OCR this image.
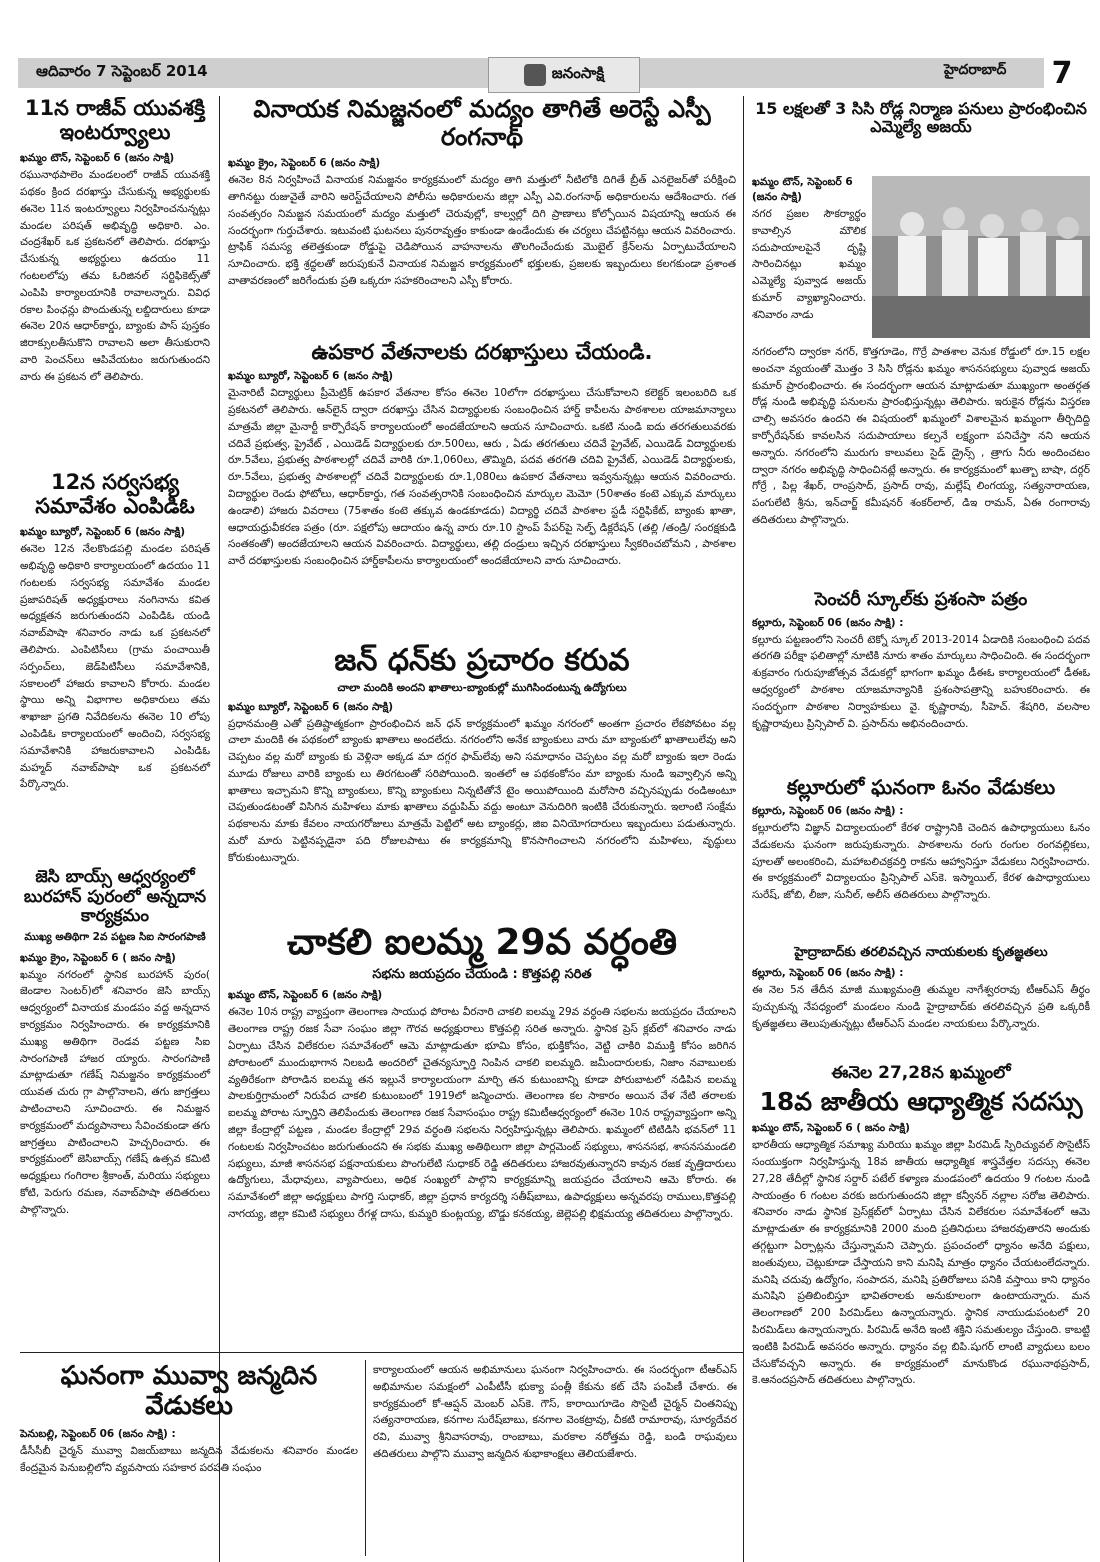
ఆదివారం 7 సెప్టెంబర్ 2014	జనంసాక్షి	హైదరాబాద్ 7
11న రాజీవ్ యువశక్తి ఇంటర్వ్యూలు
ఖమ్మం టౌన్, సెప్టెంబర్ 6 (జనం సాక్షి)
రఘునాథపాలెం మండలంలో రాజీవ్ యువశక్తి పథకం క్రింద దరఖాస్తు చేసుకున్న అభ్యర్థులకు ఈనెల 11న ఇంటర్వ్యూలు నిర్వహించనున్నట్లు మండల పరిషత్ అభివృద్ధి అధికారి. ఎం. చంద్రశేఖర్ ఒక ప్రకటనలో తెలిపారు. దరఖాస్తు చేసుకున్న అభ్యర్థులు ఉదయం 11 గంటలలోపు తమ ఓరిజినల్ సర్టిఫికెట్స్‌తో ఎంపిపి కార్యాలయానికి రావాలన్నారు. వివిధ రకాల పింఛన్లు పొందుతున్న లబ్దిదారులు కూడా ఈనెల 20న ఆధార్‌కార్డు, బ్యాంకు పాస్ పుస్తకం జిరాక్సులతీసుకొని రావాలని అలా తీసుకురాని వారి పెంచన్‌లు ఆపివేయటం జరుగుతుందని వారు ఈ ప్రకటన లో తెలిపారు.
12న సర్వసభ్య సమావేశం ఎంపిడిఓ
ఖమ్మం బ్యూరో, సెప్టెంబర్ 6 (జనం సాక్షి)
ఈనెల 12న నేలకొండపల్లి మండల పరిషత్ అభివృద్ధి అధికారి కార్యాలయంలో ఉదయం 11 గంటలకు సర్వసభ్య సమావేశం మండల ప్రజాపరిషత్ అధ్యక్షురాలు నంగినాను కవిత అధ్యక్షతన జరుగుతుందని ఎంపిడిఓ యండి నవాబ్‌పాషా శనివారం నాడు ఒక ప్రకటనలో తెలిపారు. ఎంపిటిసీలు (గ్రామ పంచాయితీ సర్పంచ్‌లు, జెడ్‌పిటిసీలు సమావేశానికి, సకాలంలో హాజరు కావాలని కోరారు. మండల స్థాయి అన్ని విభాగాల అధికారులు తమ శాఖాజా ప్రగతి నివేదికలను ఈనెల 10 లోపు ఎంపిడిఓ కార్యాలయంలో అందించి, సర్వసభ్య సమావేశానికి హాజరుకావాలని ఎంపిడిఓ మహ్మద్ నవాబ్‌పాషా ఒక ప్రకటనలో పేర్కొన్నారు.
జెసి బాయ్స్ ఆధ్వర్యంలో బురహాన్ పురంలో అన్నదాన కార్యక్రమం
ముఖ్య అతిథిగా 2వ పట్టణ సిఐ సారంగపాణి
ఖమ్మం క్రైం, సెప్టెంబర్ 6 ( జనం సాక్షి)
ఖమ్మం నగరంలో స్థానిక బురహాన్ పురం( జెండాల సెంటర్)లో శనివారం జెసి బాయ్స్ ఆధ్వర్యంలో వినాయక మండపం వద్ద అన్నదాన కార్యక్రమం నిర్వహించారు. ఈ కార్యక్రమానికి ముఖ్య అతిథిగా రెండవ పట్టణ సిఐ సారంగపాణి హాజర య్యారు. సారంగపాణి మాట్లాడుతూ గణేష్ నిమజ్జనం కార్యక్రమంలో యువత చురు గ్గా పాల్గొనాలని, తగు జాగ్రత్తలు పాటించాలని సూచించారు. ఈ నిమజ్జన కార్యక్రమంలో మద్యపానాలు సేవించకుండా తగు జాగ్రత్తలు పాటించాలని హెచ్చరించారు. ఈ కార్యక్రమంలో జెసిబాయ్స్ గణేష్ ఉత్సవ కమిటి అధ్యక్షులు గంగిరాల శ్రీకాంత్, మరియు సభ్యులు కోటి, పెరుగు రమణ, నవాబ్‌పాషా తదితరులు పాల్గొన్నారు.
వినాయక నిమజ్జనంలో మద్యం తాగితే అరెస్టే ఎస్పీ రంగనాథ్
ఖమ్మం క్రైం, సెప్టెంబర్ 6 (జనం సాక్షి)
ఈనెల 8న నిర్వహించే వినాయక నిమజ్జనం కార్యక్రమంలో మద్యం తాగి మత్తులో నీటిలోకి దిగితే బ్రీత్ ఎనలైజర్‌తో పరీక్షించి తాగినట్టు రుజువైతే వారిని అరెస్ట్‌చేయాలని పోలీసు అధికారులను జిల్లా ఎస్పీ ఎవి.రంగనాథ్ అధికారులను ఆదేశించారు. గత సంవత్సరం నిమజ్జన సమయంలో మద్యం మత్తులో చెరువుల్లో, కాల్వల్లో దిగి ప్రాణాలు కోల్పోయిన విషయాన్ని ఆయన ఈ సందర్భంగా గుర్తుచేశారు. ఇటువంటి ఘటనలు పునరావృత్తం కాకుండా ఉండేందుకు ఈ చర్యలు చేపట్టినట్లు ఆయన వివరించారు. ట్రాఫిక్ సమస్య తలెత్తకుండా రోడ్డుపై చెడిపోయిన వాహనాలను తొలగించేందుకు మొబైల్ క్రేన్‌లను ఏర్పాటుచేయాలని సూచించారు. భక్తి శ్రద్ధలతో జరుపుకునే వినాయక నిమజ్జన కార్యక్రమంలో భక్తులకు, ప్రజలకు ఇబ్బందులు కలగకుండా ప్రశాంత వాతావరణంలో జరిగేందుకు ప్రతి ఒక్కరూ సహకరించాలని ఎస్పీ కోరారు.
ఉపకార వేతనాలకు దరఖాస్తులు చేయండి.
ఖమ్మం బ్యూరో, సెప్టెంబర్ 6 (జనం సాక్షి)
మైనారిటీ విద్యార్థులు ప్రీమెట్రిక్ ఉపకార వేతనాల కోసం ఈనెల 10లోగా దరఖాస్తులు చేసుకోవాలని కలెక్టర్ ఇలంబరిది ఒక ప్రకటనలో తెలిపారు. ఆన్‌లైన్ ద్వారా దరఖాస్తు చేసిన విద్యార్థులకు సంబంధించిన హార్డ్ కాపీలను పాఠశాలల యాజమాన్యాలు మాత్రమే జిల్లా మైనార్టీ కార్పొరేషన్ కార్యాలయంలో అందజేయాలని ఆయన సూచించారు. ఒకటి నుండి ఐదు తరగతులువరకు చదివే ప్రభుత్వ, ప్రైవేట్ , ఎయిడెడ్ విద్యార్థులకు రూ.500లు, ఆరు , ఏడు తరగతులు చదివే ప్రైవేట్, ఎయిడెడ్ విద్యార్థులకు రూ.5వేలు, ప్రభుత్వ పాఠశాలల్లో చదివే వారికి రూ.1,060లు, తొమ్మిది, పదవ తరగతి చదివి ప్రైవేట్, ఎయిడెడ్ విద్యార్థులకు, రూ.5వేలు, ప్రభుత్వ పాఠశాలల్లో చదివే విద్యార్థులకు రూ.1,080లు ఉపకార వేతనాలు ఇవ్వనున్నట్లు ఆయన వివరించారు. విద్యార్థుల రెండు ఫోటోలు, ఆధార్‌కార్డు, గత సంవత్సరానికి సంబంధించిన మార్కుల మెమో (50శాతం కంటె ఎక్కువ మార్కులు ఉండాలి) హాజరు వివరాలు (75శాతం కంటె తక్కువ ఉండకూడదు) విద్యార్థి చదివే పాఠశాల స్టడీ సర్టిఫికేట్, బ్యాంకు ఖాతా, ఆధాయధ్రువీకరణ పత్రం (రూ. పక్షలోపు ఆదాయం ఉన్న వారు రూ.10 స్టాంప్ పేపర్‌పై సెల్ఫ్ డిక్లరేషన్ (తల్లి /తండ్రి/ సంరక్షకుడి సంతకంతో) అందజేయాలని ఆయన వివరించారు. విద్యార్థులు, తల్లి దండ్రులు ఇచ్చిన దరఖాస్తులు స్వీకరించబోమని , పాఠశాల వారే దరఖాస్తులకు సంబంధించిన హార్డ్‌కాపీలను కార్యాలయంలో అందజేయాలని వారు సూచించారు.
జన్ ధన్‌కు ప్రచారం కరువ
చాలా మందికి అందని ఖాతాలు-బ్యాంకుల్లో ముగిసిందంటున్న ఉద్యోగులు
ఖమ్మం బ్యూరో, సెప్టెంబర్ 6 (జనం సాక్షి)
ప్రధానమంత్రి ఎతో ప్రతిష్టాత్మకంగా ప్రారంభించిన జన్ ధన్ కార్యక్రమంలో ఖమ్మం నగరంలో అంతగా ప్రచారం లేకపోవటం వల్ల చాలా మందికి ఈ పథకంలో బ్యాంకు ఖాతాలు అందలేదు. నగరంలోని అనేక బ్యాంకులు వారు మా బ్యాంకులో ఖాతాలులేవు అని చెప్పటం వల్ల మరో బ్యాంకు కు వెళ్లినా అక్కడ మా దగ్గర ఫామ్‌లేవు అని సమాధానం చెప్పటం వల్ల మరో బ్యాంకు ఇలా రెండు మూడు రోజులు వారికి బ్యాంకు లు తిరగటంతో సరిపోయింది. ఇంతలో ఆ పథకంకోసం మా బ్యాంకు నుండి ఇవ్వాల్సిన అన్ని ఖాతాలు ఇచ్చామని కొన్ని బ్యాంకులు, కొన్ని బ్యాంకులు నిన్నటితోనే టైం అయిపోయింది మరోసారి వచ్చినప్పుడు రండిఅంటూ చెపుతుండటంతో విసిగిన మహిళలు మాకు ఖాతాలు వద్దుపిమ్ వద్దు అంటూ వెనుదిరిగి ఇంటికి చేరుకున్నారు. ఇలాంటి సంక్షేమ పథకాలను మాకు కేవలం నాయగరోజులు మాత్రమే పెట్టిలో అట బ్యాంకర్లు, జిఐ వినియోగదారులు ఇబ్బందులు పడుతున్నారు. మరో మారు పెట్టినప్పడైనా పది రోజులపాటు ఈ కార్యక్రమాన్ని కొనసాగించాలని నగరంలోని మహిళలు, వృద్ధులు కోరుకుంటున్నారు.
చాకలి ఐలమ్మ 29వ వర్ధంతి
సభను జయప్రదం చేయండి : కొత్తపల్లి సరిత
ఖమ్మం టౌన్, సెప్టెంబర్ 6 (జనం సాక్షి)
ఈనెల 10న రాష్ట్ర వ్యాప్తంగా తెలంగాణ సాయుధ పోరాట వీరనారి చాకలి ఐలమ్మ 29వ వర్ధంతి సభలను జయప్రదం చేయాలని తెలంగాణ రాష్ట్ర రజక సేవా సంఘం జిల్లా గౌరవ అధ్యక్షురాలు కొత్తపల్లి సరిత అన్నారు. స్థానిక ప్రెస్ క్లబ్‌లో శనివారం నాడు ఏర్పాటు చేసిన విలేకరుల సమావేశంలో ఆమె మాట్లాడుతూ భూమి కోసం, భుక్తికోసం, వెట్టి చాకిరి విముక్తి కోసం జరిగిన పోరాటంలో ముందుభాగాన నిలబడి అందరిలో చైతన్యస్ఫూర్తి నింపిన చాకలి ఐలమ్మది. జమీందారులకు, నిజాం నవాబులకు వ్యతిరేకంగా పోరాడిన ఐలమ్మ తన ఇల్లునే కార్యాలయంగా మార్చి తన కుటుంబాన్ని కూడా పోరుబాటలో నడిపిన ఐలమ్మ పాలకుర్తిగ్రామంలో నిరుపేద చాకలి కుటుంబంలో 1919లో జన్మించారు. తెలంగాణ కల సాకారం అయిన వేళ నేటి తరాలకు ఐలమ్మ పోరాట స్ఫూర్తిని తెలిపేందుకు తెలంగాణ రజక సేవాసంఘం రాష్ట్ర కమిటీఆధ్వర్యంలో ఈనెల 10న రాష్ట్రవ్యాప్తంగా అన్ని జిల్లా కేంద్రాల్లో పట్టణ , మండల కేంద్రాల్లో 29వ వర్ధంతి సభలను నిర్వహిస్తున్నట్లు తెలిపారు. ఖమ్మంలో టిటిడిసి భవన్‌లో 11 గంటలకు నిర్వహించటం జరుగుతుందని ఈ సభకు ముఖ్య అతిథిలుగా జిల్లా పార్లమెంట్ సభ్యులు, శాసనసభ, శాసనసమండలి సభ్యులు, మాజీ శాసనసభ పక్షనాయకులు పొంగులేటి సుధాకర్ రెడ్డి తదితరులు హాజరవుతున్నారని కావున రజక వృత్తిదారులు ఉద్యోగులు, మేధావులు, వ్యాపారులు, అధిక సంఖ్యలో పాల్గొని కార్యక్రమాన్ని జయప్రదం చేయాలని ఆమె కోరారు. ఈ సమావేశంలో జిల్లా అధ్యక్షులు పాగర్తి సుధాకర్, జిల్లా ప్రధాన కార్యదర్శి సతీష్‌బాబు, ఉపాధ్యక్షులు అన్నవరపు రాములు,కొత్తపల్లి నాగయ్య, జిల్లా కమిటి సభ్యులు రేగళ్ల దాసు, కుమ్మరి కుంట్లయ్య, బొడ్డు కనకయ్య, జెల్లెపల్లి భిక్షమయ్య తదితరులు పాల్గొన్నారు.
15 లక్షలతో 3 సిసి రోడ్ల నిర్మాణ పనులు ప్రారంభించిన ఎమ్మెల్యే అజయ్
ఖమ్మం టౌన్, సెప్టెంబర్ 6 (జనం సాక్షి)
నగర ప్రజల సౌకర్యార్థం కావాల్సిన మౌలిక సదుపాయాలపైనే దృష్టి సారించినట్లు ఖమ్మం ఎమ్మెల్యే పువ్వాడ అజయ్ కుమార్ వ్యాఖ్యానించారు. శనివారం నాడు
నగరంలోని ద్వారకా నగర్, కొత్తగూడెం, గొర్రే పాతశాల వెనుక రోడ్డులో రూ.15 లక్షల అంచనా వ్యయంతో మొత్తం 3 సిసి రోడ్లను ఖమ్మం శాసనసభ్యులు పువ్వాడ అజయ్ కుమార్ ప్రారంభించారు. ఈ సందర్భంగా ఆయన మాట్లాడుతూ ముఖ్యంగా అంతర్గత రోడ్ల నుండి అభివృద్ధి పనులను ప్రారంభిస్తున్నట్లు తెలిపారు. ఇరుకైన రోడ్లను విస్తరణ చాల్సి అవసరం ఉందని ఈ విషయంలో ఖమ్మంలో విశాలమైన ఖమ్మంగా తీర్చిదిద్ది కార్పోరేషన్‌కు కావలసిన సదుపాయాలు కల్పనే లక్ష్యంగా పనిచేస్తా నని ఆయన అన్నారు. నగరంలోని మురుగు కాలువలు సైడ్ డ్రైన్స్ , త్రాగు నీరు అందించటం ద్వారా నగరం అభివృద్ధి సాధించినట్లే అన్నారు. ఈ కార్యక్రమంలో ఖుత్బా బాషా, దర్గర్ గోర్రే , పిల్ల శేఖర్, రాంప్రసాద్, ప్రసాద్ రావు, మల్లేష్ లింగయ్య, సత్యనారాయణ, పంగులేటి శ్రీను, ఇన్‌చార్జ్ కమీషనర్ శంకర్‌లాల్, డిఇ రామన్, ఏఈ రంగారావు తదితరులు పాల్గొన్నారు.
సెంచరీ స్కూల్‌కు ప్రశంసా పత్రం
కల్లూరు, సెప్టెంబర్ 06 (జనం సాక్షి) :
కల్లూరు పట్టణంలోని సెంచరీ టెక్నో స్కూల్ 2013-2014 ఏడాదికి సంబంధించి పదవ తరగతి పరీక్షా ఫలితాల్లో నూటికి నూరు శాతం మార్కులు సాధించింది. ఈ సందర్భంగా శుక్రవారం గురుపూజోత్సవ వేడుకల్లో భాగంగా ఖమ్మం డీఈఓ కార్యాలయంలో డీఈఓ ఆధ్వర్యంలో పాఠశాల యాజమాన్యానికి ప్రశంసాపత్రాన్ని బహుకరించారు. ఈ సందర్భంగా పాఠశాల నిర్వాహకులు వై. కృష్ణారావు, సీహెచ్. శేషగిరి, వలసాల కృష్ణారావులు ప్రిన్సిపాల్ వి. ప్రసాద్‌ను అభినందించారు.
కల్లూరులో ఘనంగా ఓనం వేడుకలు
కల్లూరు, సెప్టెంబర్ 06 (జనం సాక్షి) :
కల్లూరులోని విజ్ఞాన్ విద్యాలయంలో కేరళ రాష్ట్రానికి చెందిన ఉపాధ్యాయులు ఓనం వేడుకలను ఘనంగా జరుపుకున్నారు. పాఠశాలను రంగు రంగుల రంగవల్లికలు, పూలతో అలంకరించి, మహాబలిచక్రవర్తి రాకను ఆహ్వానిస్తూ వేడుకలు నిర్వహించారు. ఈ కార్యక్రమంలో విద్యాలయం ప్రిన్సిపాల్ ఎస్‌కె. ఇస్మాయిల్, కేరళ ఉపాధ్యాయులు సురేష్, జోబి, లీజా, సునీల్, అలీస్ తదితరులు పాల్గొన్నారు.
హైద్రాబాద్‌కు తరలివచ్చిన నాయకులకు కృతజ్ఞతలు
కల్లూరు, సెప్టెంబర్ 06 (జనం సాక్షి) :
ఈ నెల 5న తేదీన మాజీ ముఖ్యమంత్రి తుమ్మల నాగేశ్వరరావు టీఆర్‌ఎస్ తీర్థం పుచ్చుకున్న నేపధ్యంలో మండలం నుండి హైద్రాబాద్‌కు తరలివచ్చిన ప్రతి ఒక్కరికీ కృతజ్ఞతలు తెలుపుతున్నట్లు టీఆర్ఎస్ మండల నాయకులు పేర్కొన్నారు.
ఈనెల 27,28న ఖమ్మంలో
18వ జాతీయ ఆధ్యాత్మిక సదస్సు
ఖమ్మం టౌన్, సెప్టెంబర్ 6 ( జనం సాక్షి)
భారతీయ ఆధ్యాత్మిక సమాఖ్య మరియు ఖమ్మం జిల్లా పిరమిడ్ స్పిరిచ్యువల్ సొసైటీస్ సంయుక్తంగా నిర్వహిస్తున్న 18వ జాతీయ ఆధ్యాత్మిక శాస్త్రవేత్తల సదస్సు ఈనెల 27,28 తేదీల్లో స్థానిక సర్దార్ పటేల్ కళ్యాణ మండపంలో ఉదయం 9 గంటల నుండి సాయంత్రం 6 గంటల వరకు జరుగుతుందని జిల్లా కన్వీనర్ నల్లాల సరోజ తెలిపారు. శనివారం నాడు స్థానిక ప్రెస్‌క్లబ్‌లో ఏర్పాటు చేసిన విలేకరుల సమావేశంలో ఆమె మాట్లాడుతూ ఈ కార్యక్రమానికి 2000 మంది ప్రతినిధులు హాజరవుతారని అందుకు తగ్గట్టుగా ఏర్పాట్లను చేస్తున్నామని చెప్పారు. ప్రపంచంలో ధ్యానం అనేది పక్షులు, జంతువులు, చెట్లుకూడా చేస్తాయని కాని మనిషి మాత్రం ధ్యానం చేయటంలేదన్నారు. మనిషి చదువు ఉద్యోగం, సంపాదన, మనిషి ప్రతిరోజులు పనికి వస్తాయి కాని ధ్యానం మనిషిని ప్రతిబింబిస్తూ భావితరాలకు అనుకూలంగా ఉంటాయన్నారు. మన తెలంగాణలో 200 పిరమిడ్‌లు ఉన్నాయన్నారు. స్థానిక నాయుడుపంటలో 20 పిరమిడ్‌లు ఉన్నాయన్నారు. పిరమిడ్ అనేది ఇంటి శక్తిని సమతుల్యం చేస్తుంది. కాబట్టి ఇంటికి పిరమిడ్ అవసరం అన్నారు. ధ్యానం వల్ల బిపి.షుగర్ లాంటి వ్యాధులు బలం చేసుకోవచ్చని అన్నారు. ఈ కార్యక్రమంలో మానుకొండ రఘునాథప్రసాద్, కె.ఆనందప్రసాద్ తదితరులు పాల్గొన్నారు.
ఘనంగా మువ్వా జన్మదిన వేడుకలు
పెనుబల్లి, సెప్టెంబర్ 06 (జనం సాక్షి) :
డీసీసీబీ చైర్మన్ మువ్వా విజయ్‌బాబు జన్మదిన వేడుకలను శనివారం మండల కేంద్రమైన పెనుబల్లిలోని వ్యవసాయ సహకార పరపతి సంఘం
కార్యాలయంలో ఆయన అభిమానులు ఘనంగా నిర్వహించారు. ఈ సందర్భంగా టీఆర్ఎస్ అభిమానుల సమక్షంలో ఎంపీటీసీ భుక్యా పంత్లీ కేకును కట్ చేసి పంపిణీ చేశారు. ఈ కార్యక్రమంలో కో-ఆప్షన్ మెంబర్ ఎస్‌కె. గౌస్, కారాయిగూడెం సొసైటీ చైర్మన్ చింతనిప్పు సత్యనారాయణ, కనగాల సురేష్‌బాబు, కనగాల వెంకట్రావు, చీకటి రామారావు, సూర్యదేవర రవి, మువ్వా శ్రీనివాసరావు, రాంబాబు, మరకాల నరోత్తమ రెడ్డి, బండి రాఘవులు తదితరులు పాల్గొని మువ్వా జన్మదిన శుభాకాంక్షలు తెలియజేశారు.
